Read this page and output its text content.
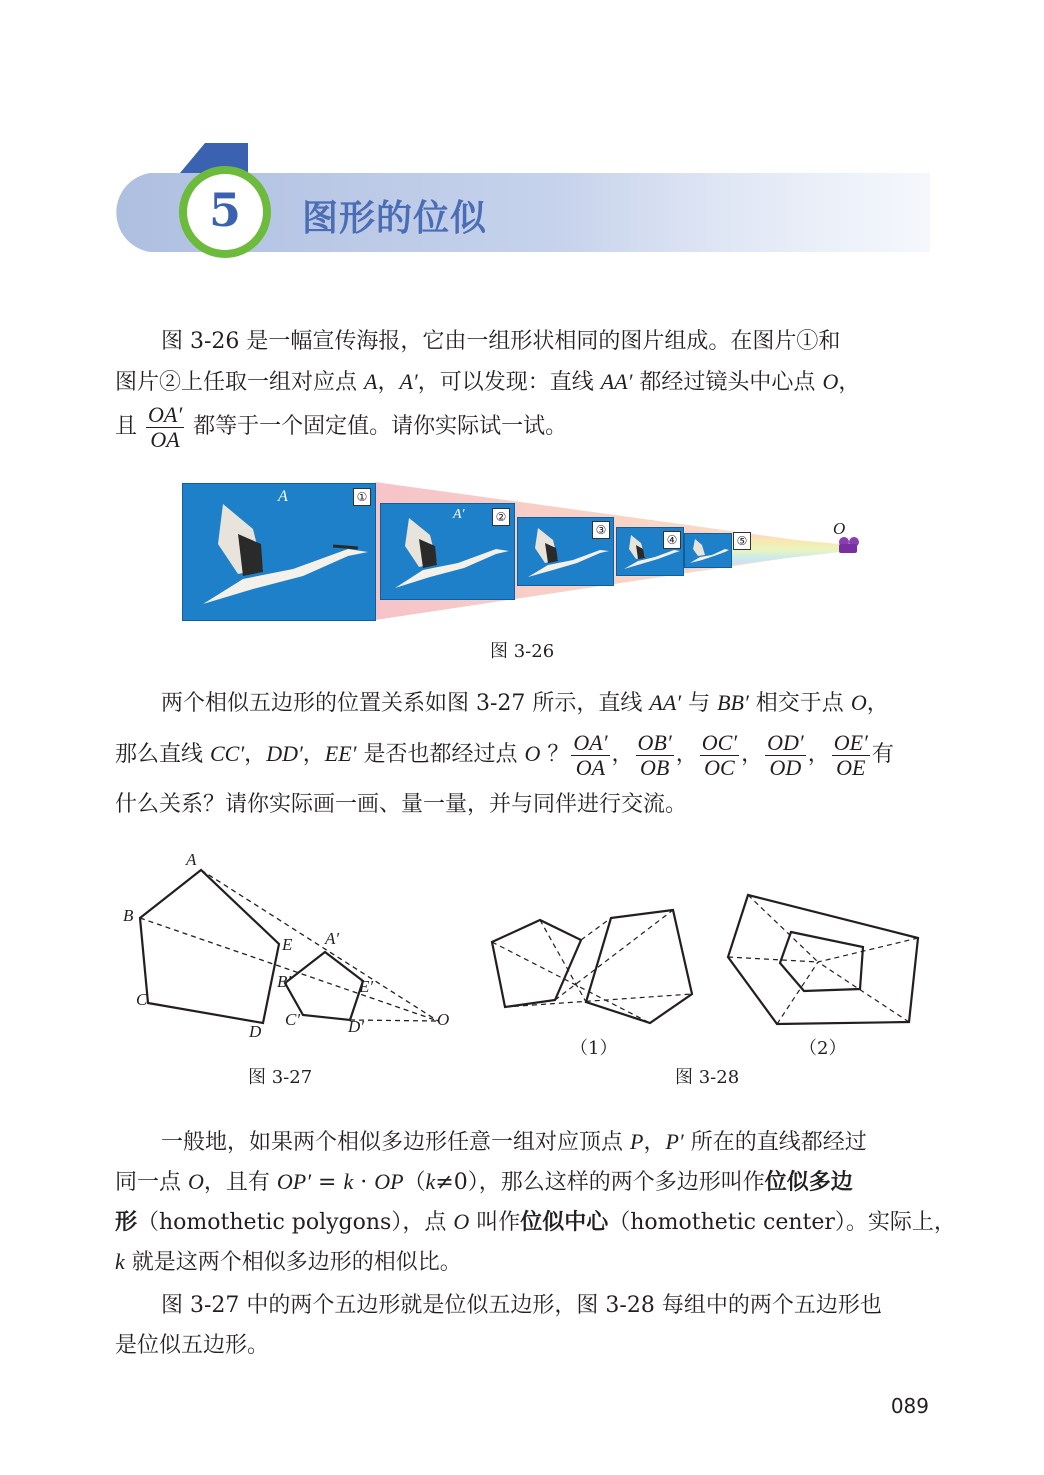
5	图形的位似
图 3-26 是一幅宣传海报，它由一组形状相同的图片组成。在图片①和
图片②上任取一组对应点 A，A′，可以发现：直线 AA′ 都经过镜头中心点 O，
且 $\frac{OA'}{OA}$ 都等于一个固定值。请你实际试一试。
A	①
A′	②
③
④	⑤
O
图 3-26
两个相似五边形的位置关系如图 3-27 所示，直线 AA′ 与 BB′ 相交于点 O，
那么直线 CC′，DD′，EE′ 是否也都经过点 O ？ $\frac{OA'}{OA}$ ， $\frac{OB'}{OB}$ ， $\frac{OC'}{OC}$ ， $\frac{OD'}{OD}$ ， $\frac{OE'}{OE}$ 有
什么关系？请你实际画一画、量一量，并与同伴进行交流。
A
B
C
D
E A′
B′
C′	D′
E′
O
图 3-27
（1）	（2）
图 3-28
一般地，如果两个相似多边形任意一组对应顶点 P，P′ 所在的直线都经过
同一点 O，且有 OP′ = k · OP（k≠0），那么这样的两个多边形叫作位似多边
形（homothetic polygons），点 O 叫作位似中心（homothetic center）。实际上，
k 就是这两个相似多边形的相似比。
图 3-27 中的两个五边形就是位似五边形，图 3-28 每组中的两个五边形也
是位似五边形。
089
